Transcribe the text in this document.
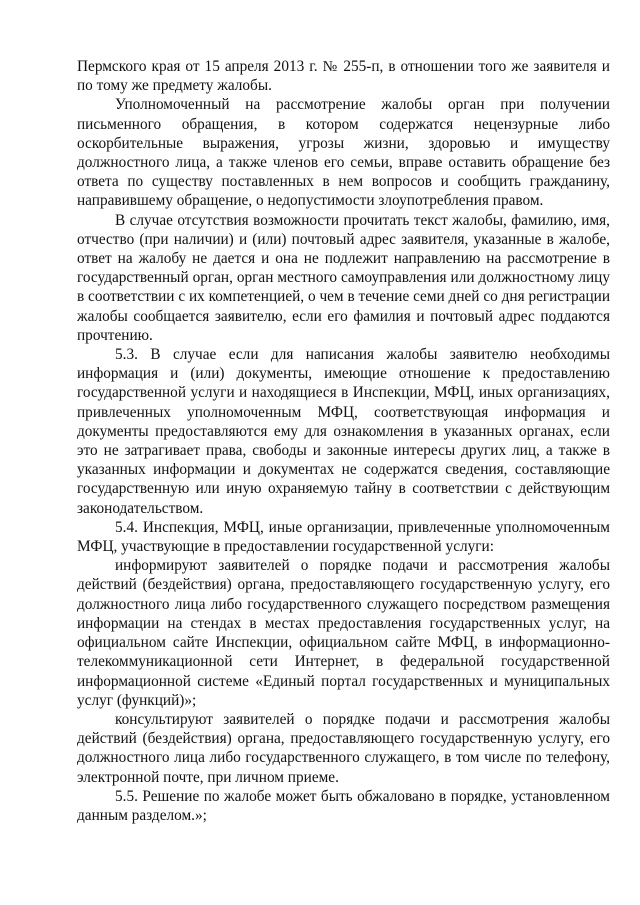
Пермского края от 15 апреля 2013 г. № 255-п, в отношении того же заявителя и по тому же предмету жалобы.

Уполномоченный на рассмотрение жалобы орган при получении письменного обращения, в котором содержатся нецензурные либо оскорбительные выражения, угрозы жизни, здоровью и имуществу должностного лица, а также членов его семьи, вправе оставить обращение без ответа по существу поставленных в нем вопросов и сообщить гражданину, направившему обращение, о недопустимости злоупотребления правом.

В случае отсутствия возможности прочитать текст жалобы, фамилию, имя, отчество (при наличии) и (или) почтовый адрес заявителя, указанные в жалобе, ответ на жалобу не дается и она не подлежит направлению на рассмотрение в государственный орган, орган местного самоуправления или должностному лицу в соответствии с их компетенцией, о чем в течение семи дней со дня регистрации жалобы сообщается заявителю, если его фамилия и почтовый адрес поддаются прочтению.

5.3. В случае если для написания жалобы заявителю необходимы информация и (или) документы, имеющие отношение к предоставлению государственной услуги и находящиеся в Инспекции, МФЦ, иных организациях, привлеченных уполномоченным МФЦ, соответствующая информация и документы предоставляются ему для ознакомления в указанных органах, если это не затрагивает права, свободы и законные интересы других лиц, а также в указанных информации и документах не содержатся сведения, составляющие государственную или иную охраняемую тайну в соответствии с действующим законодательством.

5.4. Инспекция, МФЦ, иные организации, привлеченные уполномоченным МФЦ, участвующие в предоставлении государственной услуги:

информируют заявителей о порядке подачи и рассмотрения жалобы действий (бездействия) органа, предоставляющего государственную услугу, его должностного лица либо государственного служащего посредством размещения информации на стендах в местах предоставления государственных услуг, на официальном сайте Инспекции, официальном сайте МФЦ, в информационно-телекоммуникационной сети Интернет, в федеральной государственной информационной системе «Единый портал государственных и муниципальных услуг (функций)»;

консультируют заявителей о порядке подачи и рассмотрения жалобы действий (бездействия) органа, предоставляющего государственную услугу, его должностного лица либо государственного служащего, в том числе по телефону, электронной почте, при личном приеме.

5.5. Решение по жалобе может быть обжаловано в порядке, установленном данным разделом.»;
